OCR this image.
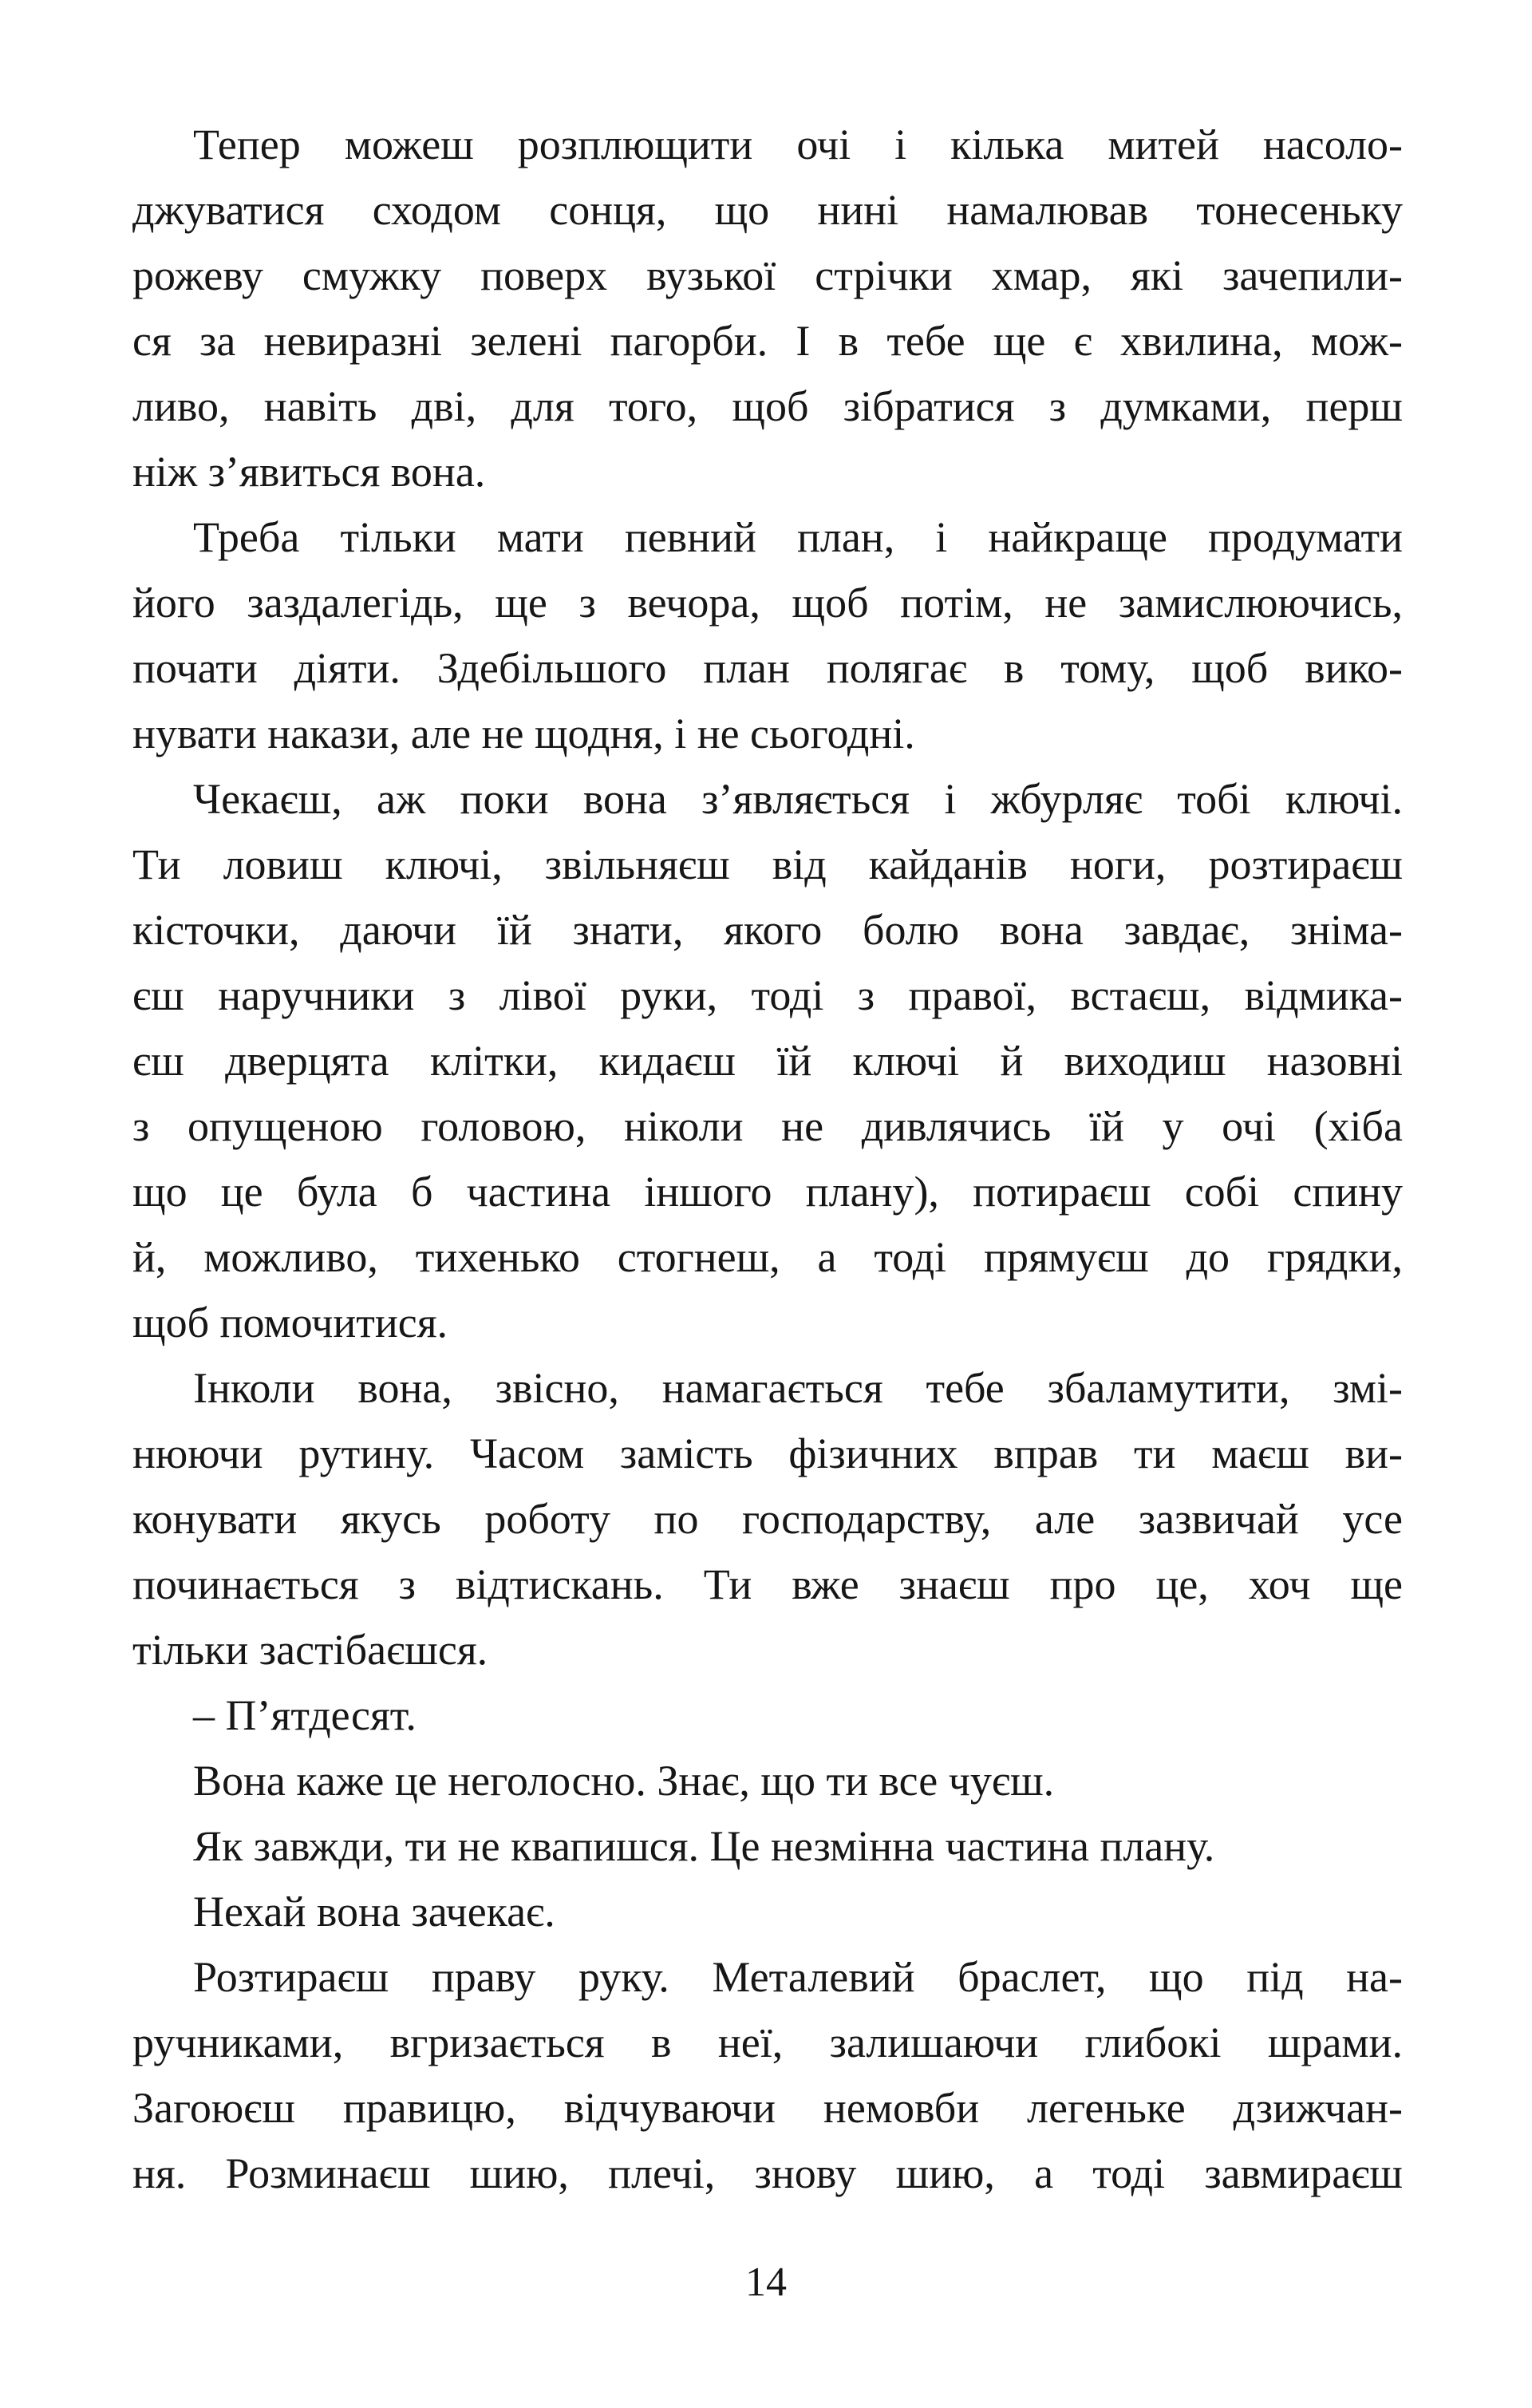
Тепер можеш розплющити очі і кілька митей насоло-
джуватися сходом сонця, що нині намалював тонесеньку
рожеву смужку поверх вузької стрічки хмар, які зачепили-
ся за невиразні зелені пагорби. І в тебе ще є хвилина, мож-
ливо, навіть дві, для того, щоб зібратися з думками, перш
ніж з’явиться вона.
Треба тільки мати певний план, і найкраще продумати
його заздалегідь, ще з вечора, щоб потім, не замислюючись,
почати діяти. Здебільшого план полягає в тому, щоб вико-
нувати накази, але не щодня, і не сьогодні.
Чекаєш, аж поки вона з’являється і жбурляє тобі ключі.
Ти ловиш ключі, звільняєш від кайданів ноги, розтираєш
кісточки, даючи їй знати, якого болю вона завдає, зніма-
єш наручники з лівої руки, тоді з правої, встаєш, відмика-
єш дверцята клітки, кидаєш їй ключі й виходиш назовні
з опущеною головою, ніколи не дивлячись їй у очі (хіба
що це була б частина іншого плану), потираєш собі спину
й, можливо, тихенько стогнеш, а тоді прямуєш до грядки,
щоб помочитися.
Інколи вона, звісно, намагається тебе збаламутити, змі-
нюючи рутину. Часом замість фізичних вправ ти маєш ви-
конувати якусь роботу по господарству, але зазвичай усе
починається з відтискань. Ти вже знаєш про це, хоч ще
тільки застібаєшся.
– П’ятдесят.
Вона каже це неголосно. Знає, що ти все чуєш.
Як завжди, ти не квапишся. Це незмінна частина плану.
Нехай вона зачекає.
Розтираєш праву руку. Металевий браслет, що під на-
ручниками, вгризається в неї, залишаючи глибокі шрами.
Загоюєш правицю, відчуваючи немовби легеньке дзижчан-
ня. Розминаєш шию, плечі, знову шию, а тоді завмираєш
14
